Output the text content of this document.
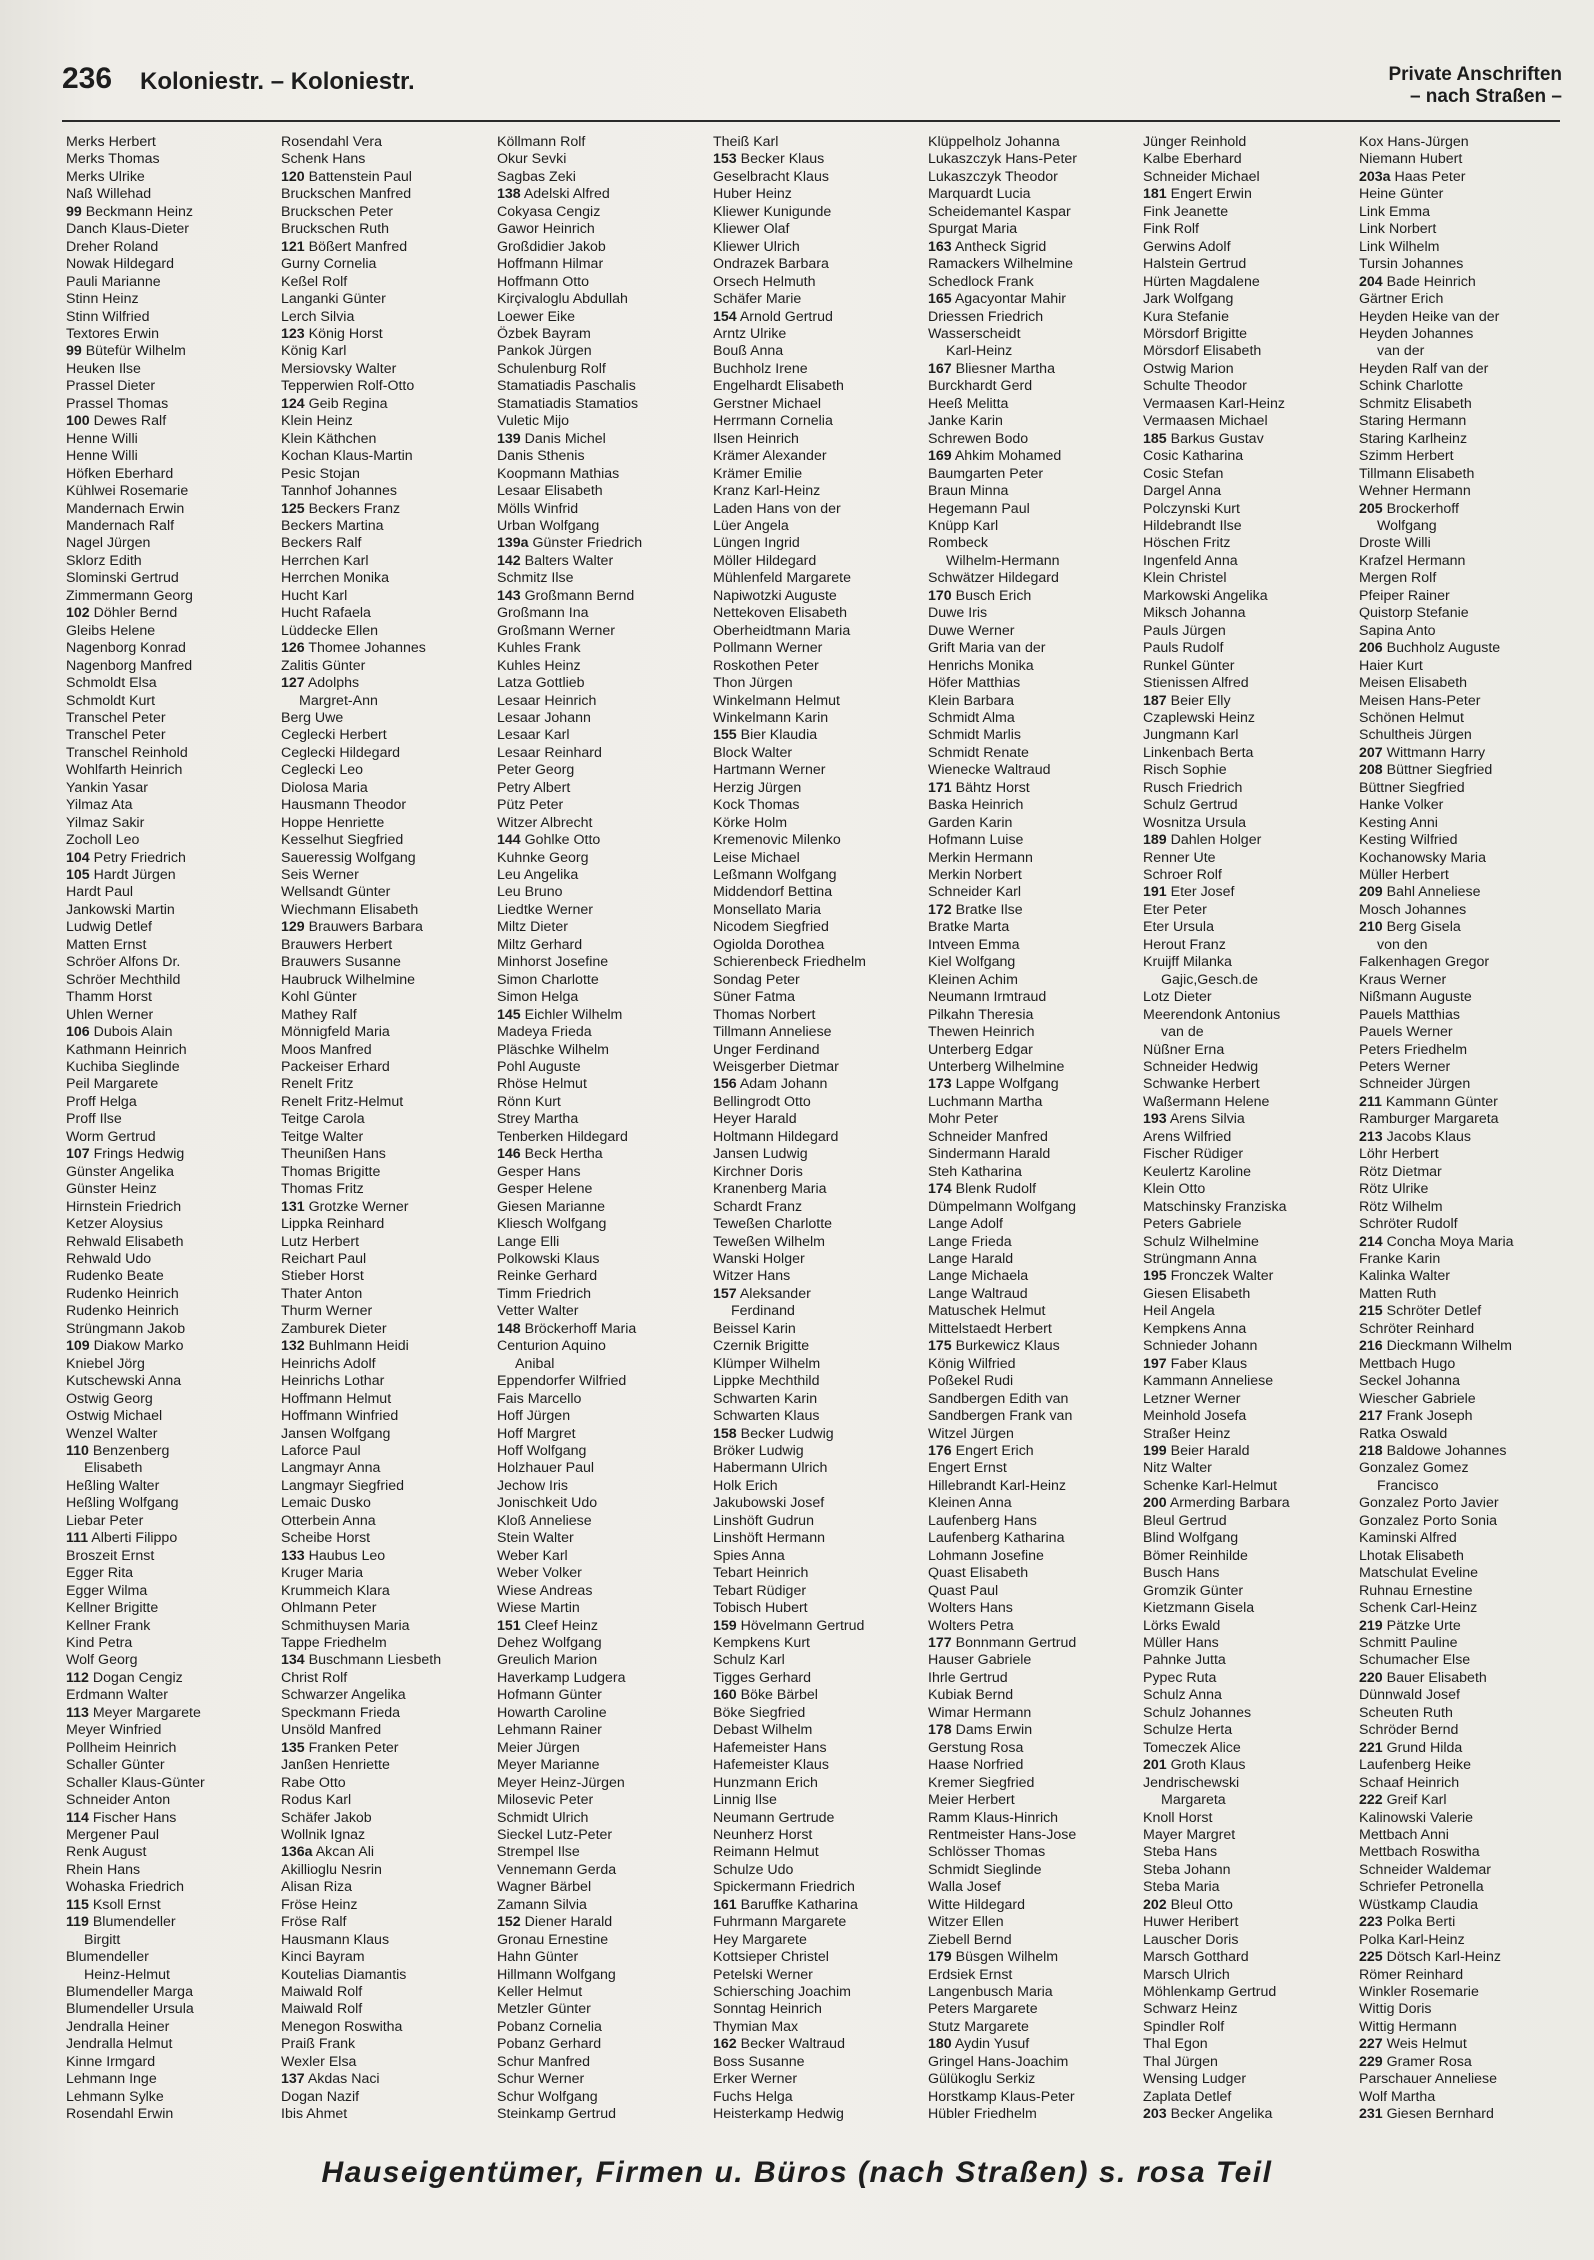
236 Koloniestr. – Koloniestr.	Private Anschriften
– nach Straßen –
Merks Herbert
Merks Thomas
Merks Ulrike
Naß Willehad
99 Beckmann Heinz
Danch Klaus-Dieter
Dreher Roland
Nowak Hildegard
Pauli Marianne
Stinn Heinz
Stinn Wilfried
Textores Erwin
99 Bütefür Wilhelm
Heuken Ilse
Prassel Dieter
Prassel Thomas
100 Dewes Ralf
Henne Willi
Henne Willi
Höfken Eberhard
Kühlwei Rosemarie
Mandernach Erwin
Mandernach Ralf
Nagel Jürgen
Sklorz Edith
Slominski Gertrud
Zimmermann Georg
102 Döhler Bernd
Gleibs Helene
Nagenborg Konrad
Nagenborg Manfred
Schmoldt Elsa
Schmoldt Kurt
Transchel Peter
Transchel Peter
Transchel Reinhold
Wohlfarth Heinrich
Yankin Yasar
Yilmaz Ata
Yilmaz Sakir
Zocholl Leo
104 Petry Friedrich
105 Hardt Jürgen
Hardt Paul
Jankowski Martin
Ludwig Detlef
Matten Ernst
Schröer Alfons Dr.
Schröer Mechthild
Thamm Horst
Uhlen Werner
106 Dubois Alain
Kathmann Heinrich
Kuchiba Sieglinde
Peil Margarete
Proff Helga
Proff Ilse
Worm Gertrud
107 Frings Hedwig
Günster Angelika
Günster Heinz
Hirnstein Friedrich
Ketzer Aloysius
Rehwald Elisabeth
Rehwald Udo
Rudenko Beate
Rudenko Heinrich
Rudenko Heinrich
Strüngmann Jakob
109 Diakow Marko
Kniebel Jörg
Kutschewski Anna
Ostwig Georg
Ostwig Michael
Wenzel Walter
110 Benzenberg
Elisabeth
Heßling Walter
Heßling Wolfgang
Liebar Peter
111 Alberti Filippo
Broszeit Ernst
Egger Rita
Egger Wilma
Kellner Brigitte
Kellner Frank
Kind Petra
Wolf Georg
112 Dogan Cengiz
Erdmann Walter
113 Meyer Margarete
Meyer Winfried
Pollheim Heinrich
Schaller Günter
Schaller Klaus-Günter
Schneider Anton
114 Fischer Hans
Mergener Paul
Renk August
Rhein Hans
Wohaska Friedrich
115 Ksoll Ernst
119 Blumendeller
Birgitt
Blumendeller
Heinz-Helmut
Blumendeller Marga
Blumendeller Ursula
Jendralla Heiner
Jendralla Helmut
Kinne Irmgard
Lehmann Inge
Lehmann Sylke
Rosendahl Erwin
Rosendahl Vera
Schenk Hans
120 Battenstein Paul
Bruckschen Manfred
Bruckschen Peter
Bruckschen Ruth
121 Bößert Manfred
Gurny Cornelia
Keßel Rolf
Langanki Günter
Lerch Silvia
123 König Horst
König Karl
Mersiovsky Walter
Tepperwien Rolf-Otto
124 Geib Regina
Klein Heinz
Klein Käthchen
Kochan Klaus-Martin
Pesic Stojan
Tannhof Johannes
125 Beckers Franz
Beckers Martina
Beckers Ralf
Herrchen Karl
Herrchen Monika
Hucht Karl
Hucht Rafaela
Lüddecke Ellen
126 Thomee Johannes
Zalitis Günter
127 Adolphs
Margret-Ann
Berg Uwe
Ceglecki Herbert
Ceglecki Hildegard
Ceglecki Leo
Diolosa Maria
Hausmann Theodor
Hoppe Henriette
Kesselhut Siegfried
Saueressig Wolfgang
Seis Werner
Wellsandt Günter
Wiechmann Elisabeth
129 Brauwers Barbara
Brauwers Herbert
Brauwers Susanne
Haubruck Wilhelmine
Kohl Günter
Mathey Ralf
Mönnigfeld Maria
Moos Manfred
Packeiser Erhard
Renelt Fritz
Renelt Fritz-Helmut
Teitge Carola
Teitge Walter
Theunißen Hans
Thomas Brigitte
Thomas Fritz
131 Grotzke Werner
Lippka Reinhard
Lutz Herbert
Reichart Paul
Stieber Horst
Thater Anton
Thurm Werner
Zamburek Dieter
132 Buhlmann Heidi
Heinrichs Adolf
Heinrichs Lothar
Hoffmann Helmut
Hoffmann Winfried
Jansen Wolfgang
Laforce Paul
Langmayr Anna
Langmayr Siegfried
Lemaic Dusko
Otterbein Anna
Scheibe Horst
133 Haubus Leo
Kruger Maria
Krummeich Klara
Ohlmann Peter
Schmithuysen Maria
Tappe Friedhelm
134 Buschmann Liesbeth
Christ Rolf
Schwarzer Angelika
Speckmann Frieda
Unsöld Manfred
135 Franken Peter
Janßen Henriette
Rabe Otto
Rodus Karl
Schäfer Jakob
Wollnik Ignaz
136a Akcan Ali
Akillioglu Nesrin
Alisan Riza
Fröse Heinz
Fröse Ralf
Hausmann Klaus
Kinci Bayram
Koutelias Diamantis
Maiwald Rolf
Maiwald Rolf
Menegon Roswitha
Praiß Frank
Wexler Elsa
137 Akdas Naci
Dogan Nazif
Ibis Ahmet
Köllmann Rolf
Okur Sevki
Sagbas Zeki
138 Adelski Alfred
Cokyasa Cengiz
Gawor Heinrich
Großdidier Jakob
Hoffmann Hilmar
Hoffmann Otto
Kirçivaloglu Abdullah
Loewer Eike
Özbek Bayram
Pankok Jürgen
Schulenburg Rolf
Stamatiadis Paschalis
Stamatiadis Stamatios
Vuletic Mijo
139 Danis Michel
Danis Sthenis
Koopmann Mathias
Lesaar Elisabeth
Mölls Winfrid
Urban Wolfgang
139a Günster Friedrich
142 Balters Walter
Schmitz Ilse
143 Großmann Bernd
Großmann Ina
Großmann Werner
Kuhles Frank
Kuhles Heinz
Latza Gottlieb
Lesaar Heinrich
Lesaar Johann
Lesaar Karl
Lesaar Reinhard
Peter Georg
Petry Albert
Pütz Peter
Witzer Albrecht
144 Gohlke Otto
Kuhnke Georg
Leu Angelika
Leu Bruno
Liedtke Werner
Miltz Dieter
Miltz Gerhard
Minhorst Josefine
Simon Charlotte
Simon Helga
145 Eichler Wilhelm
Madeya Frieda
Pläschke Wilhelm
Pohl Auguste
Rhöse Helmut
Rönn Kurt
Strey Martha
Tenberken Hildegard
146 Beck Hertha
Gesper Hans
Gesper Helene
Giesen Marianne
Kliesch Wolfgang
Lange Elli
Polkowski Klaus
Reinke Gerhard
Timm Friedrich
Vetter Walter
148 Bröckerhoff Maria
Centurion Aquino
Anibal
Eppendorfer Wilfried
Fais Marcello
Hoff Jürgen
Hoff Margret
Hoff Wolfgang
Holzhauer Paul
Jechow Iris
Jonischkeit Udo
Kloß Anneliese
Stein Walter
Weber Karl
Weber Volker
Wiese Andreas
Wiese Martin
151 Cleef Heinz
Dehez Wolfgang
Greulich Marion
Haverkamp Ludgera
Hofmann Günter
Howarth Caroline
Lehmann Rainer
Meier Jürgen
Meyer Marianne
Meyer Heinz-Jürgen
Milosevic Peter
Schmidt Ulrich
Sieckel Lutz-Peter
Strempel Ilse
Vennemann Gerda
Wagner Bärbel
Zamann Silvia
152 Diener Harald
Gronau Ernestine
Hahn Günter
Hillmann Wolfgang
Keller Helmut
Metzler Günter
Pobanz Cornelia
Pobanz Gerhard
Schur Manfred
Schur Werner
Schur Wolfgang
Steinkamp Gertrud
Theiß Karl
153 Becker Klaus
Geselbracht Klaus
Huber Heinz
Kliewer Kunigunde
Kliewer Olaf
Kliewer Ulrich
Ondrazek Barbara
Orsech Helmuth
Schäfer Marie
154 Arnold Gertrud
Arntz Ulrike
Bouß Anna
Buchholz Irene
Engelhardt Elisabeth
Gerstner Michael
Herrmann Cornelia
Ilsen Heinrich
Krämer Alexander
Krämer Emilie
Kranz Karl-Heinz
Laden Hans von der
Lüer Angela
Lüngen Ingrid
Möller Hildegard
Mühlenfeld Margarete
Napiwotzki Auguste
Nettekoven Elisabeth
Oberheidtmann Maria
Pollmann Werner
Roskothen Peter
Thon Jürgen
Winkelmann Helmut
Winkelmann Karin
155 Bier Klaudia
Block Walter
Hartmann Werner
Herzig Jürgen
Kock Thomas
Körke Holm
Kremenovic Milenko
Leise Michael
Leßmann Wolfgang
Middendorf Bettina
Monsellato Maria
Nicodem Siegfried
Ogiolda Dorothea
Schierenbeck Friedhelm
Sondag Peter
Süner Fatma
Thomas Norbert
Tillmann Anneliese
Unger Ferdinand
Weisgerber Dietmar
156 Adam Johann
Bellingrodt Otto
Heyer Harald
Holtmann Hildegard
Jansen Ludwig
Kirchner Doris
Kranenberg Maria
Schardt Franz
Teweßen Charlotte
Teweßen Wilhelm
Wanski Holger
Witzer Hans
157 Aleksander
Ferdinand
Beissel Karin
Czernik Brigitte
Klümper Wilhelm
Lippke Mechthild
Schwarten Karin
Schwarten Klaus
158 Becker Ludwig
Bröker Ludwig
Habermann Ulrich
Holk Erich
Jakubowski Josef
Linshöft Gudrun
Linshöft Hermann
Spies Anna
Tebart Heinrich
Tebart Rüdiger
Tobisch Hubert
159 Hövelmann Gertrud
Kempkens Kurt
Schulz Karl
Tigges Gerhard
160 Böke Bärbel
Böke Siegfried
Debast Wilhelm
Hafemeister Hans
Hafemeister Klaus
Hunzmann Erich
Linnig Ilse
Neumann Gertrude
Neunherz Horst
Reimann Helmut
Schulze Udo
Spickermann Friedrich
161 Baruffke Katharina
Fuhrmann Margarete
Hey Margarete
Kottsieper Christel
Petelski Werner
Schiersching Joachim
Sonntag Heinrich
Thymian Max
162 Becker Waltraud
Boss Susanne
Erker Werner
Fuchs Helga
Heisterkamp Hedwig
Klüppelholz Johanna
Lukaszczyk Hans-Peter
Lukaszczyk Theodor
Marquardt Lucia
Scheidemantel Kaspar
Spurgat Maria
163 Antheck Sigrid
Ramackers Wilhelmine
Schedlock Frank
165 Agacyontar Mahir
Driessen Friedrich
Wasserscheidt
Karl-Heinz
167 Bliesner Martha
Burckhardt Gerd
Heeß Melitta
Janke Karin
Schrewen Bodo
169 Ahkim Mohamed
Baumgarten Peter
Braun Minna
Hegemann Paul
Knüpp Karl
Rombeck
Wilhelm-Hermann
Schwätzer Hildegard
170 Busch Erich
Duwe Iris
Duwe Werner
Grift Maria van der
Henrichs Monika
Höfer Matthias
Klein Barbara
Schmidt Alma
Schmidt Marlis
Schmidt Renate
Wienecke Waltraud
171 Bähtz Horst
Baska Heinrich
Garden Karin
Hofmann Luise
Merkin Hermann
Merkin Norbert
Schneider Karl
172 Bratke Ilse
Bratke Marta
Intveen Emma
Kiel Wolfgang
Kleinen Achim
Neumann Irmtraud
Pilkahn Theresia
Thewen Heinrich
Unterberg Edgar
Unterberg Wilhelmine
173 Lappe Wolfgang
Luchmann Martha
Mohr Peter
Schneider Manfred
Sindermann Harald
Steh Katharina
174 Blenk Rudolf
Dümpelmann Wolfgang
Lange Adolf
Lange Frieda
Lange Harald
Lange Michaela
Lange Waltraud
Matuschek Helmut
Mittelstaedt Herbert
175 Burkewicz Klaus
König Wilfried
Poßekel Rudi
Sandbergen Edith van
Sandbergen Frank van
Witzel Jürgen
176 Engert Erich
Engert Ernst
Hillebrandt Karl-Heinz
Kleinen Anna
Laufenberg Hans
Laufenberg Katharina
Lohmann Josefine
Quast Elisabeth
Quast Paul
Wolters Hans
Wolters Petra
177 Bonnmann Gertrud
Hauser Gabriele
Ihrle Gertrud
Kubiak Bernd
Wimar Hermann
178 Dams Erwin
Gerstung Rosa
Haase Norfried
Kremer Siegfried
Meier Herbert
Ramm Klaus-Hinrich
Rentmeister Hans-Jose
Schlösser Thomas
Schmidt Sieglinde
Walla Josef
Witte Hildegard
Witzer Ellen
Ziebell Bernd
179 Büsgen Wilhelm
Erdsiek Ernst
Langenbusch Maria
Peters Margarete
Stutz Margarete
180 Aydin Yusuf
Gringel Hans-Joachim
Gülükoglu Serkiz
Horstkamp Klaus-Peter
Hübler Friedhelm
Jünger Reinhold
Kalbe Eberhard
Schneider Michael
181 Engert Erwin
Fink Jeanette
Fink Rolf
Gerwins Adolf
Halstein Gertrud
Hürten Magdalene
Jark Wolfgang
Kura Stefanie
Mörsdorf Brigitte
Mörsdorf Elisabeth
Ostwig Marion
Schulte Theodor
Vermaasen Karl-Heinz
Vermaasen Michael
185 Barkus Gustav
Cosic Katharina
Cosic Stefan
Dargel Anna
Polczynski Kurt
Hildebrandt Ilse
Höschen Fritz
Ingenfeld Anna
Klein Christel
Markowski Angelika
Miksch Johanna
Pauls Jürgen
Pauls Rudolf
Runkel Günter
Stienissen Alfred
187 Beier Elly
Czaplewski Heinz
Jungmann Karl
Linkenbach Berta
Risch Sophie
Rusch Friedrich
Schulz Gertrud
Wosnitza Ursula
189 Dahlen Holger
Renner Ute
Schroer Rolf
191 Eter Josef
Eter Peter
Eter Ursula
Herout Franz
Kruijff Milanka
Gajic,Gesch.de
Lotz Dieter
Meerendonk Antonius
van de
Nüßner Erna
Schneider Hedwig
Schwanke Herbert
Waßermann Helene
193 Arens Silvia
Arens Wilfried
Fischer Rüdiger
Keulertz Karoline
Klein Otto
Matschinsky Franziska
Peters Gabriele
Schulz Wilhelmine
Strüngmann Anna
195 Fronczek Walter
Giesen Elisabeth
Heil Angela
Kempkens Anna
Schnieder Johann
197 Faber Klaus
Kammann Anneliese
Letzner Werner
Meinhold Josefa
Straßer Heinz
199 Beier Harald
Nitz Walter
Schenke Karl-Helmut
200 Armerding Barbara
Bleul Gertrud
Blind Wolfgang
Bömer Reinhilde
Busch Hans
Gromzik Günter
Kietzmann Gisela
Lörks Ewald
Müller Hans
Pahnke Jutta
Pypec Ruta
Schulz Anna
Schulz Johannes
Schulze Herta
Tomeczek Alice
201 Groth Klaus
Jendrischewski
Margareta
Knoll Horst
Mayer Margret
Steba Hans
Steba Johann
Steba Maria
202 Bleul Otto
Huwer Heribert
Lauscher Doris
Marsch Gotthard
Marsch Ulrich
Möhlenkamp Gertrud
Schwarz Heinz
Spindler Rolf
Thal Egon
Thal Jürgen
Wensing Ludger
Zaplata Detlef
203 Becker Angelika
Kox Hans-Jürgen
Niemann Hubert
203a Haas Peter
Heine Günter
Link Emma
Link Norbert
Link Wilhelm
Tursin Johannes
204 Bade Heinrich
Gärtner Erich
Heyden Heike van der
Heyden Johannes
van der
Heyden Ralf van der
Schink Charlotte
Schmitz Elisabeth
Staring Hermann
Staring Karlheinz
Szimm Herbert
Tillmann Elisabeth
Wehner Hermann
205 Brockerhoff
Wolfgang
Droste Willi
Krafzel Hermann
Mergen Rolf
Pfeiper Rainer
Quistorp Stefanie
Sapina Anto
206 Buchholz Auguste
Haier Kurt
Meisen Elisabeth
Meisen Hans-Peter
Schönen Helmut
Schultheis Jürgen
207 Wittmann Harry
208 Büttner Siegfried
Büttner Siegfried
Hanke Volker
Kesting Anni
Kesting Wilfried
Kochanowsky Maria
Müller Herbert
209 Bahl Anneliese
Mosch Johannes
210 Berg Gisela
von den
Falkenhagen Gregor
Kraus Werner
Nißmann Auguste
Pauels Matthias
Pauels Werner
Peters Friedhelm
Peters Werner
Schneider Jürgen
211 Kammann Günter
Ramburger Margareta
213 Jacobs Klaus
Löhr Herbert
Rötz Dietmar
Rötz Ulrike
Rötz Wilhelm
Schröter Rudolf
214 Concha Moya Maria
Franke Karin
Kalinka Walter
Matten Ruth
215 Schröter Detlef
Schröter Reinhard
216 Dieckmann Wilhelm
Mettbach Hugo
Seckel Johanna
Wiescher Gabriele
217 Frank Joseph
Ratka Oswald
218 Baldowe Johannes
Gonzalez Gomez
Francisco
Gonzalez Porto Javier
Gonzalez Porto Sonia
Kaminski Alfred
Lhotak Elisabeth
Matschulat Eveline
Ruhnau Ernestine
Schenk Carl-Heinz
219 Pätzke Urte
Schmitt Pauline
Schumacher Else
220 Bauer Elisabeth
Dünnwald Josef
Scheuten Ruth
Schröder Bernd
221 Grund Hilda
Laufenberg Heike
Schaaf Heinrich
222 Greif Karl
Kalinowski Valerie
Mettbach Anni
Mettbach Roswitha
Schneider Waldemar
Schriefer Petronella
Wüstkamp Claudia
223 Polka Berti
Polka Karl-Heinz
225 Dötsch Karl-Heinz
Römer Reinhard
Winkler Rosemarie
Wittig Doris
Wittig Hermann
227 Weis Helmut
229 Gramer Rosa
Parschauer Anneliese
Wolf Martha
231 Giesen Bernhard
Hauseigentümer, Firmen u. Büros (nach Straßen) s. rosa Teil
